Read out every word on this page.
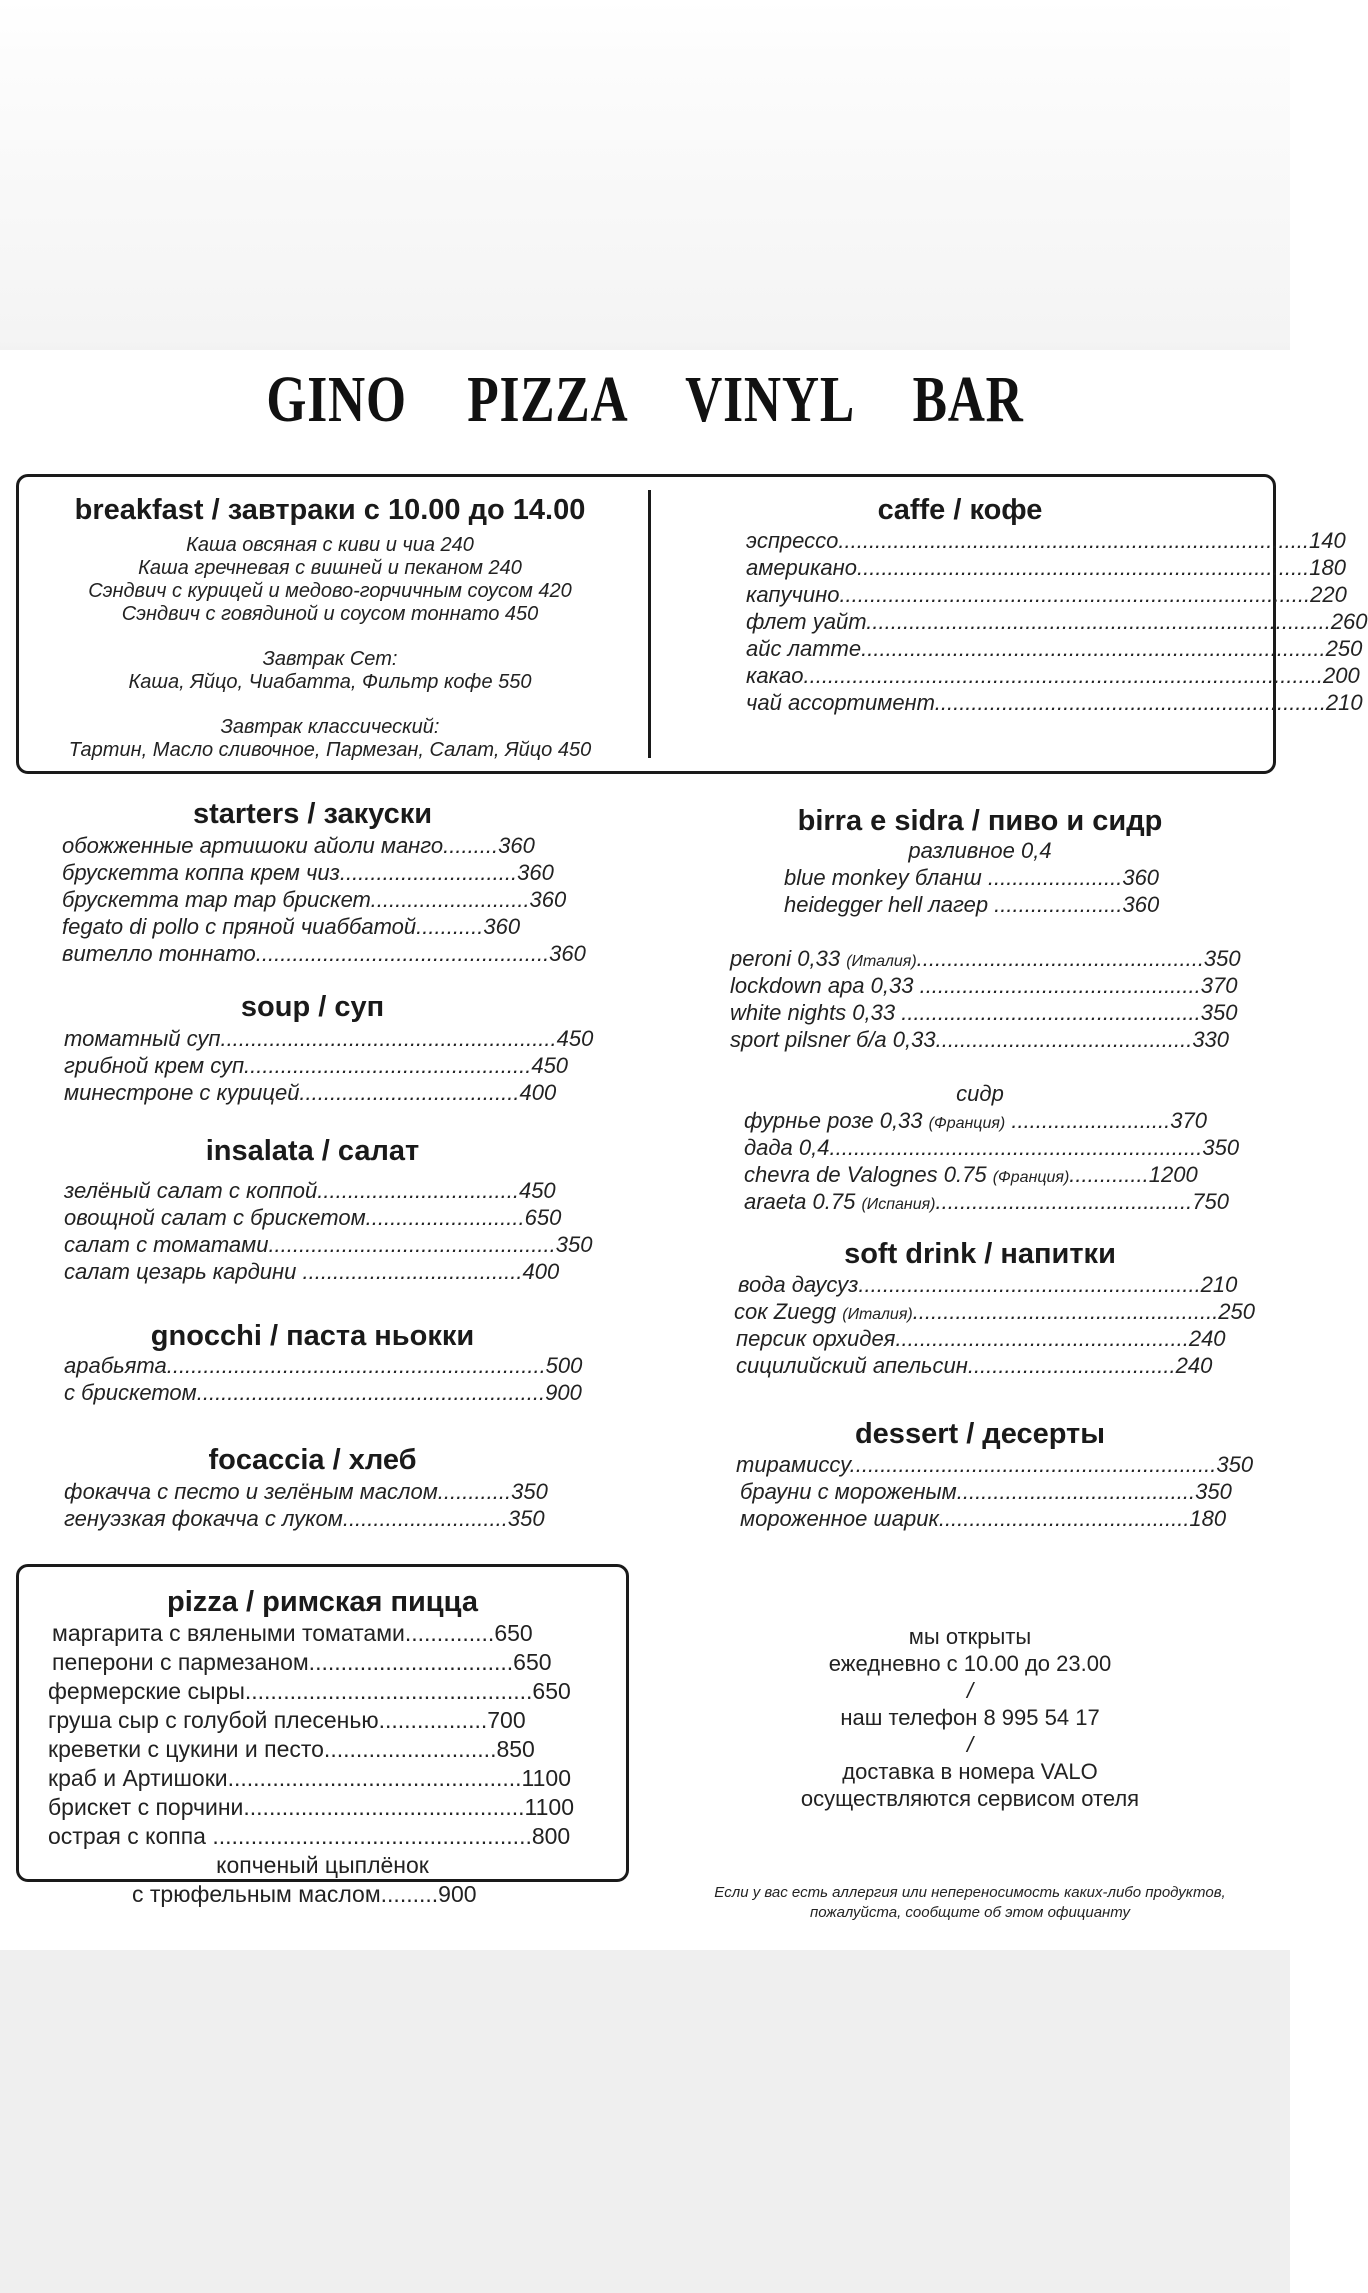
GINO PIZZA VINYL BAR
breakfast / завтраки с 10.00 до 14.00
Каша овсяная с киви и чиа 240
Каша гречневая с вишней и пеканом 240
Сэндвич с курицей и медово-горчичным соусом 420
Сэндвич с говядиной и соусом тоннато 450
Завтрак Сет:
Каша, Яйцо, Чиабатта, Фильтр кофе 550
Завтрак классический:
Тартин, Масло сливочное, Пармезан, Салат, Яйцо 450
caffe / кофе
эспрессо.............................................................................140
американо..........................................................................180
капучино.............................................................................220
флет уайт............................................................................260
айс латте............................................................................250
какао.....................................................................................200
чай ассортимент................................................................210
starters / закуски
обожженные артишоки айоли манго.........360
брускетта коппа крем чиз.............................360
брускетта тар тар брискет..........................360
fegato di pollo с пряной чиаббатой...........360
вителло тоннато................................................360
soup / суп
томатный суп.......................................................450
грибной крем суп...............................................450
минестроне с курицей....................................400
insalata / салат
зелёный салат с коппой.................................450
овощной салат с брискетом..........................650
салат с томатами...............................................350
салат цезарь кардини ....................................400
gnocchi / паста ньокки
арабьята..............................................................500
с брискетом.........................................................900
focaccia / хлеб
фокачча с песто и зелёным маслом............350
генуэзкая фокачча с луком...........................350
pizza / римская пицца
маргарита с вялеными томатами..............650
пеперони с пармезаном................................650
фермерские сыры.............................................650
груша сыр с голубой плесенью.................700
креветки с цукини и песто...........................850
краб и Артишоки..............................................1100
брискет с порчини............................................1100
острая с коппа ..................................................800
копченый цыплёнок
с трюфельным маслом.........900
birra e sidra / пиво и сидр
разливное 0,4
blue monkey бланш ......................360
heidegger hell лагер .....................360
peroni 0,33 (Италия)...............................................350
lockdown apa 0,33 ..............................................370
white nights 0,33 .................................................350
sport pilsner б/а 0,33..........................................330
сидр
фурнье розе 0,33 (Франция) ..........................370
дада 0,4.............................................................350
chevra de Valognes 0.75 (Франция).............1200
araeta 0.75 (Испания)..........................................750
soft drink / напитки
вода даусуз........................................................210
сок Zuegg (Италия)..................................................250
персик орхидея................................................240
сицилийский апельсин..................................240
dessert / десерты
тирамиссу............................................................350
брауни с мороженым.......................................350
мороженное шарик.........................................180
мы открыты
ежедневно с 10.00 до 23.00
/
наш телефон 8 995 54 17
/
доставка в номера VALO
осуществляются сервисом отеля
Если у вас есть аллергия или непереносимость каких-либо продуктов,
пожалуйста, сообщите об этом официанту
